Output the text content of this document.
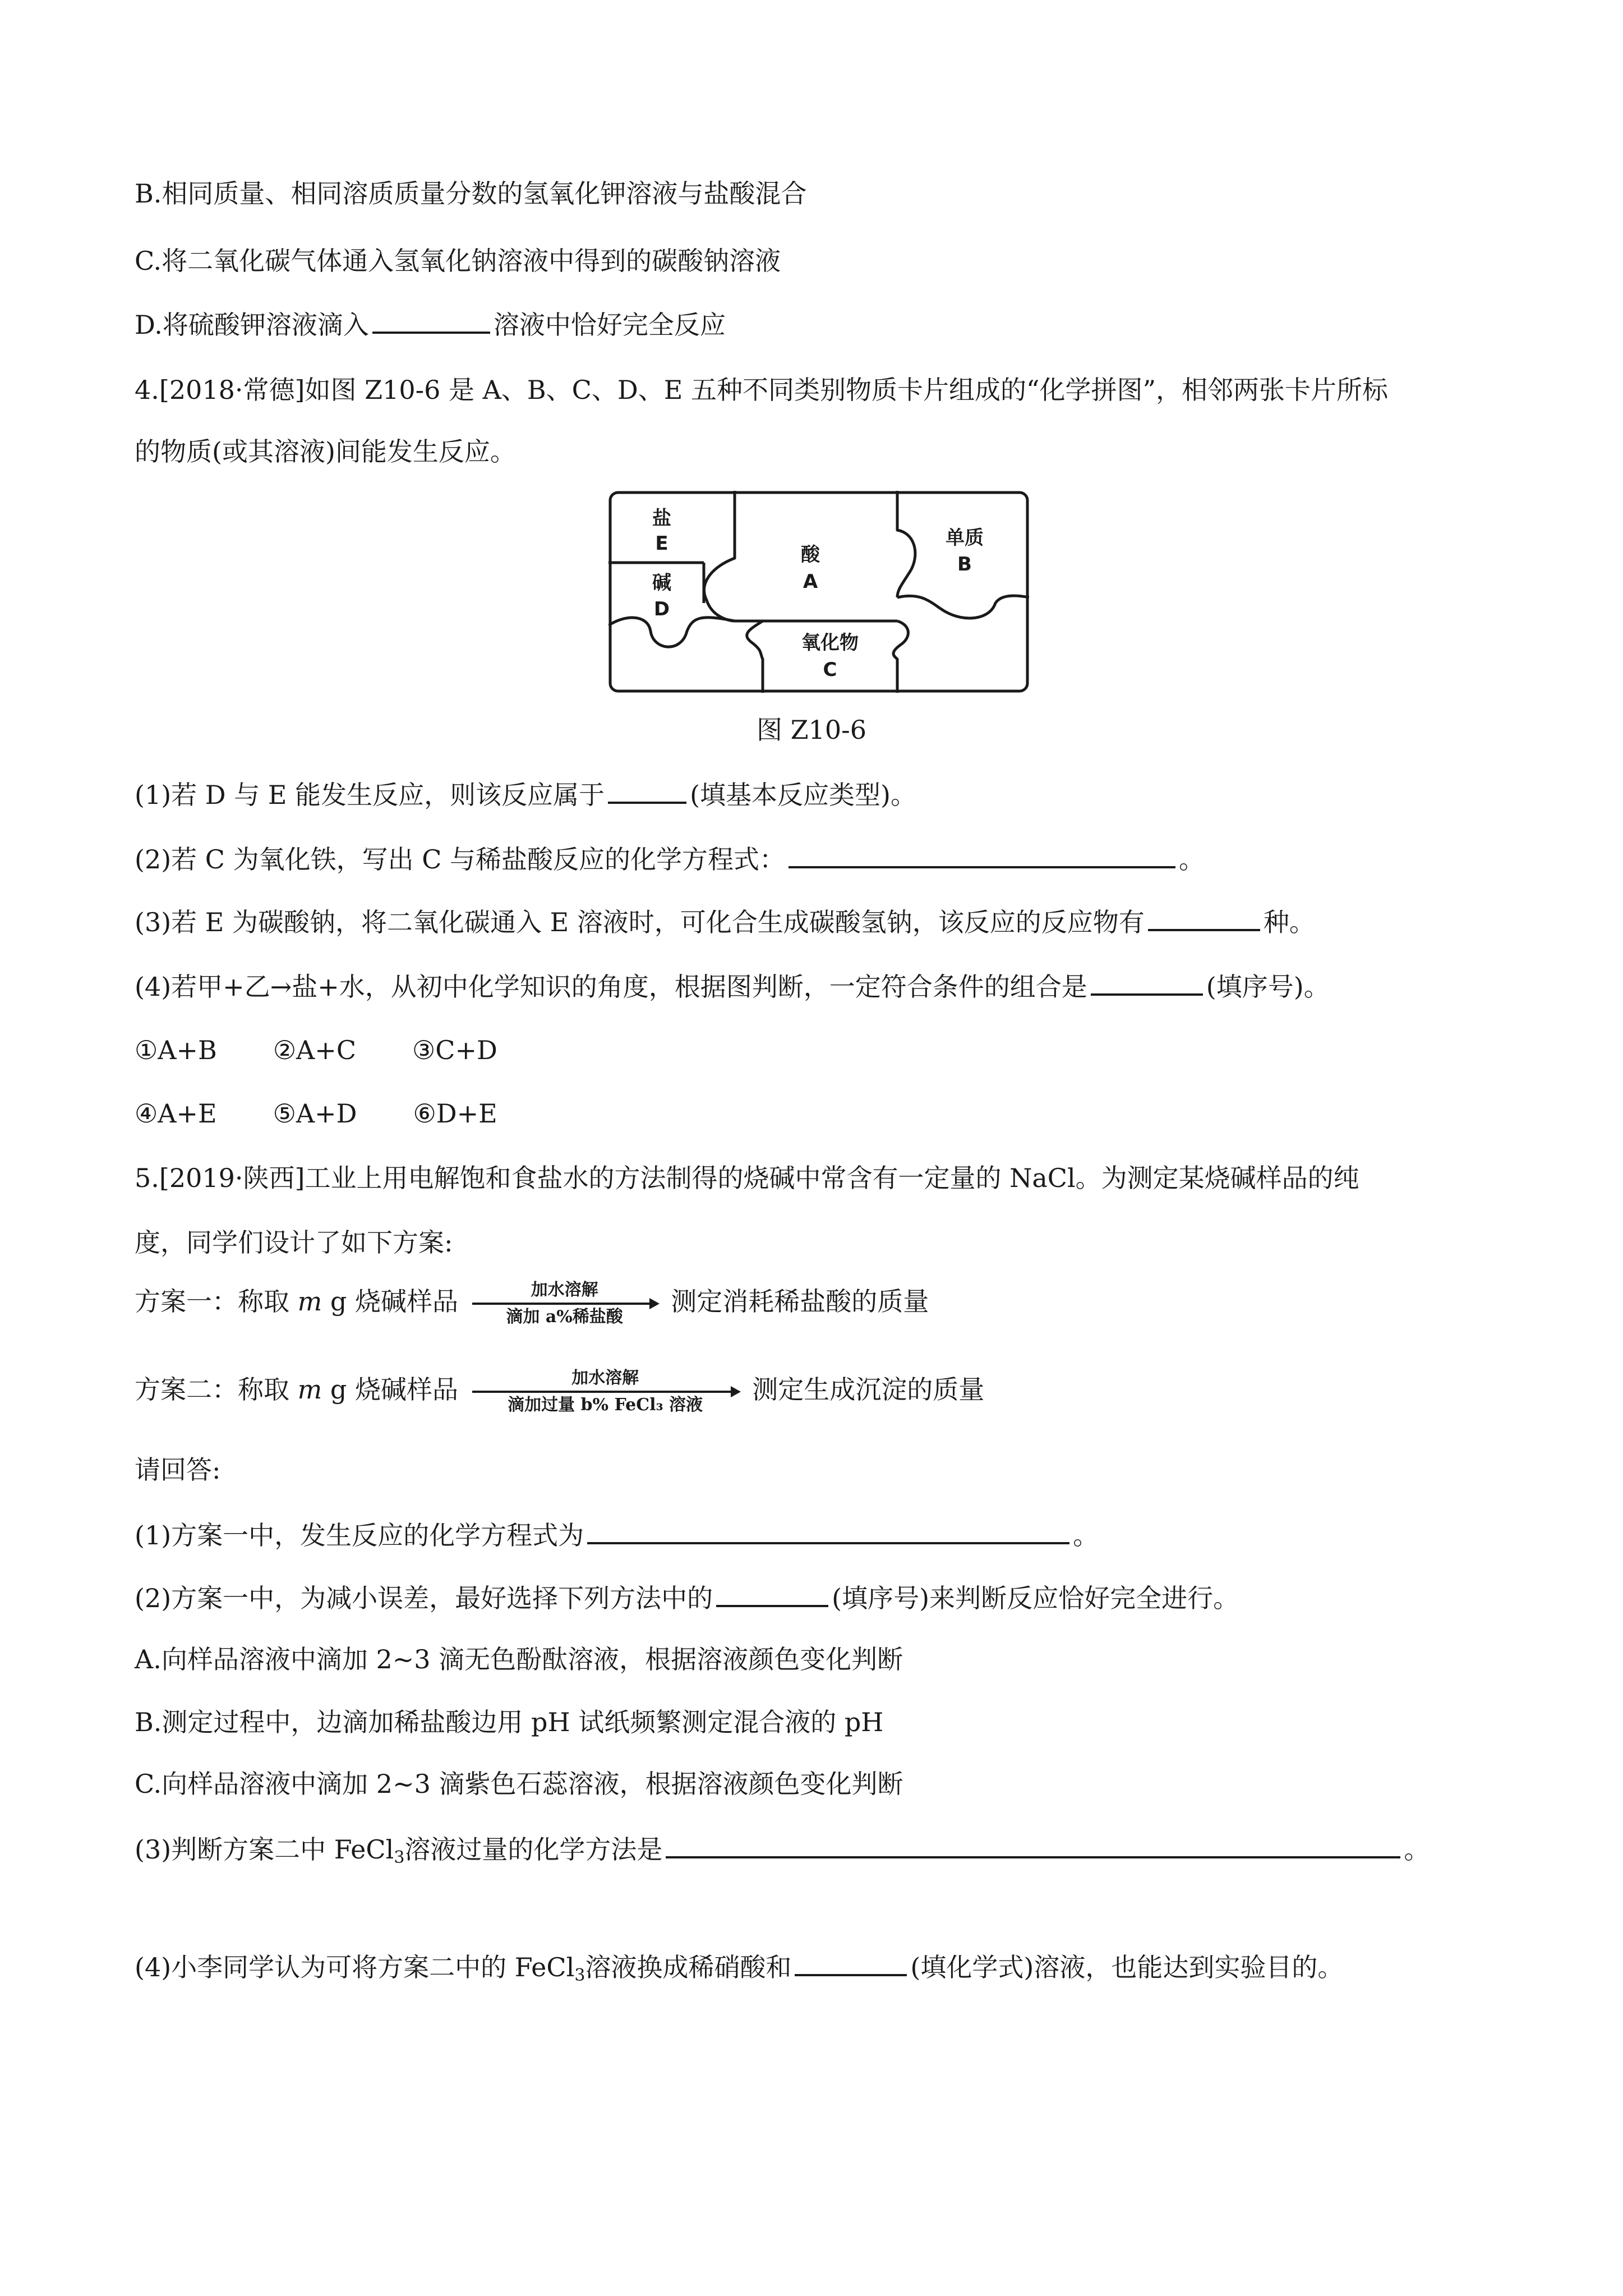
B.相同质量、相同溶质质量分数的氢氧化钾溶液与盐酸混合
C.将二氧化碳气体通入氢氧化钠溶液中得到的碳酸钠溶液
D.将硫酸钾溶液滴入	溶液中恰好完全反应
4.[2018·常德]如图 Z10-6 是 A、B、C、D、E 五种不同类别物质卡片组成的“化学拼图”，相邻两张卡片所标
的物质(或其溶液)间能发生反应。
盐
E
碱
D
酸
A
单质
B
氧化物
C
图 Z10-6
(1)若 D 与 E 能发生反应，则该反应属于	(填基本反应类型)。
(2)若 C 为氧化铁，写出 C 与稀盐酸反应的化学方程式：	。
(3)若 E 为碳酸钠，将二氧化碳通入 E 溶液时，可化合生成碳酸氢钠，该反应的反应物有	种。
(4)若甲+乙→盐+水，从初中化学知识的角度，根据图判断，一定符合条件的组合是	(填序号)。
①A+B ②A+C ③C+D
④A+E ⑤A+D ⑥D+E
5.[2019·陕西]工业上用电解饱和食盐水的方法制得的烧碱中常含有一定量的 NaCl。为测定某烧碱样品的纯
度，同学们设计了如下方案:
方案一：称取 m g 烧碱样品	加水溶解
滴加 a%稀盐酸
测定消耗稀盐酸的质量
方案二：称取 m g 烧碱样品	加水溶解
滴加过量 b% FeCl₃ 溶液
测定生成沉淀的质量
请回答:
(1)方案一中，发生反应的化学方程式为	。
(2)方案一中，为减小误差，最好选择下列方法中的	(填序号)来判断反应恰好完全进行。
A.向样品溶液中滴加 2~3 滴无色酚酞溶液，根据溶液颜色变化判断
B.测定过程中，边滴加稀盐酸边用 pH 试纸频繁测定混合液的 pH
C.向样品溶液中滴加 2~3 滴紫色石蕊溶液，根据溶液颜色变化判断
(3)判断方案二中 FeCl$_3$溶液过量的化学方法是	。
(4)小李同学认为可将方案二中的 FeCl$_3$溶液换成稀硝酸和	(填化学式)溶液，也能达到实验目的。
